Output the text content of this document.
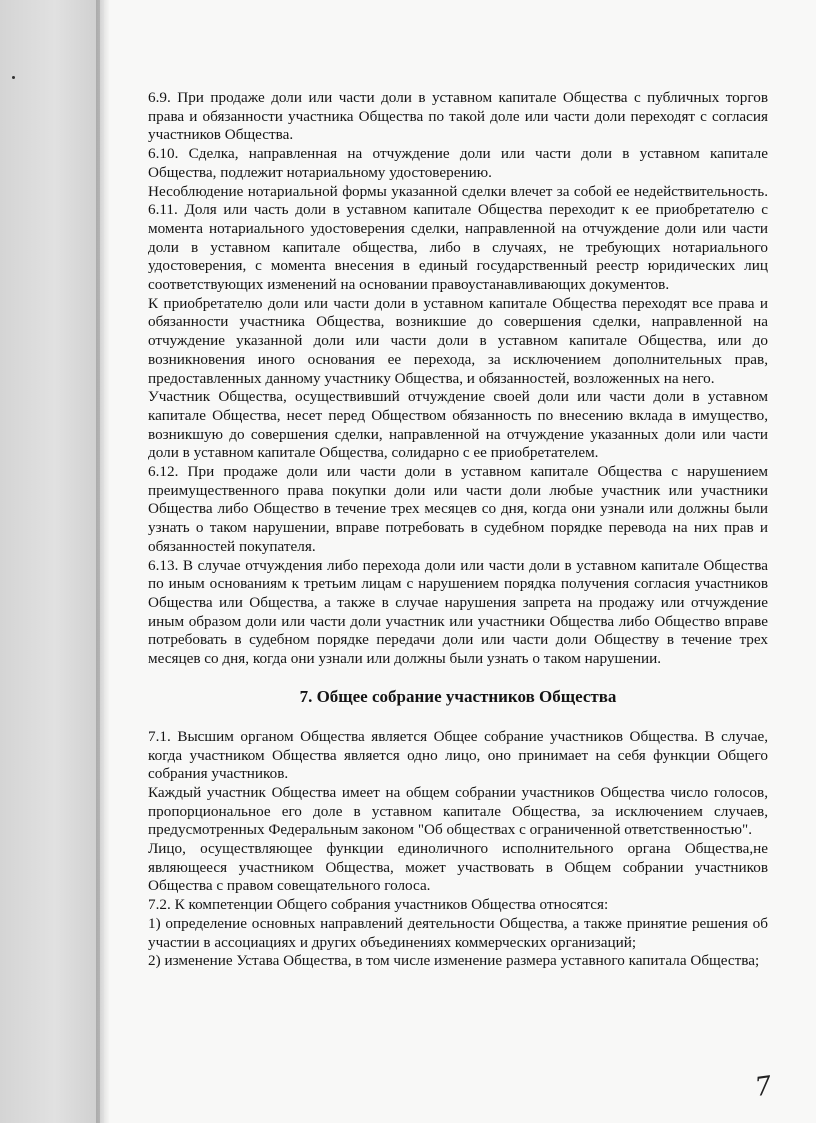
6.9. При продаже доли или части доли в уставном капитале Общества с публичных торгов права и обязанности участника Общества по такой доле или части доли переходят с согласия участников Общества.

6.10. Сделка, направленная на отчуждение доли или части доли в уставном капитале Общества, подлежит нотариальному удостоверению.

Несоблюдение нотариальной формы указанной сделки влечет за собой ее недействительность.

6.11. Доля или часть доли в уставном капитале Общества переходит к ее приобретателю с момента нотариального удостоверения сделки, направленной на отчуждение доли или части доли в уставном капитале общества, либо в случаях, не требующих нотариального удостоверения, с момента внесения в единый государственный реестр юридических лиц соответствующих изменений на основании правоустанавливающих документов.

К приобретателю доли или части доли в уставном капитале Общества переходят все права и обязанности участника Общества, возникшие до совершения сделки, направленной на отчуждение указанной доли или части доли в уставном капитале Общества, или до возникновения иного основания ее перехода, за исключением дополнительных прав, предоставленных данному участнику Общества, и обязанностей, возложенных на него.

Участник Общества, осуществивший отчуждение своей доли или части доли в уставном капитале Общества, несет перед Обществом обязанность по внесению вклада в имущество, возникшую до совершения сделки, направленной на отчуждение указанных доли или части доли в уставном капитале Общества, солидарно с ее приобретателем.

6.12. При продаже доли или части доли в уставном капитале Общества с нарушением преимущественного права покупки доли или части доли любые участник или участники Общества либо Общество в течение трех месяцев со дня, когда они узнали или должны были узнать о таком нарушении, вправе потребовать в судебном порядке перевода на них прав и обязанностей покупателя.

6.13. В случае отчуждения либо перехода доли или части доли в уставном капитале Общества по иным основаниям к третьим лицам с нарушением порядка получения согласия участников Общества или Общества, а также в случае нарушения запрета на продажу или отчуждение иным образом доли или части доли участник или участники Общества либо Общество вправе потребовать в судебном порядке передачи доли или части доли Обществу в течение трех месяцев со дня, когда они узнали или должны были узнать о таком нарушении.

7. Общее собрание участников Общества

7.1. Высшим органом Общества является Общее собрание участников Общества. В случае, когда участником Общества является одно лицо, оно принимает на себя функции Общего собрания участников.

Каждый участник Общества имеет на общем собрании участников Общества число голосов, пропорциональное его доле в уставном капитале Общества, за исключением случаев, предусмотренных Федеральным законом "Об обществах с ограниченной ответственностью".

Лицо, осуществляющее функции единоличного исполнительного органа Общества,не являющееся участником Общества, может участвовать в Общем собрании участников Общества с правом совещательного голоса.

7.2. К компетенции Общего собрания участников Общества относятся:

1) определение основных направлений деятельности Общества, а также принятие решения об участии в ассоциациях и других объединениях коммерческих организаций;

2) изменение Устава Общества, в том числе изменение размера уставного капитала Общества;

7
